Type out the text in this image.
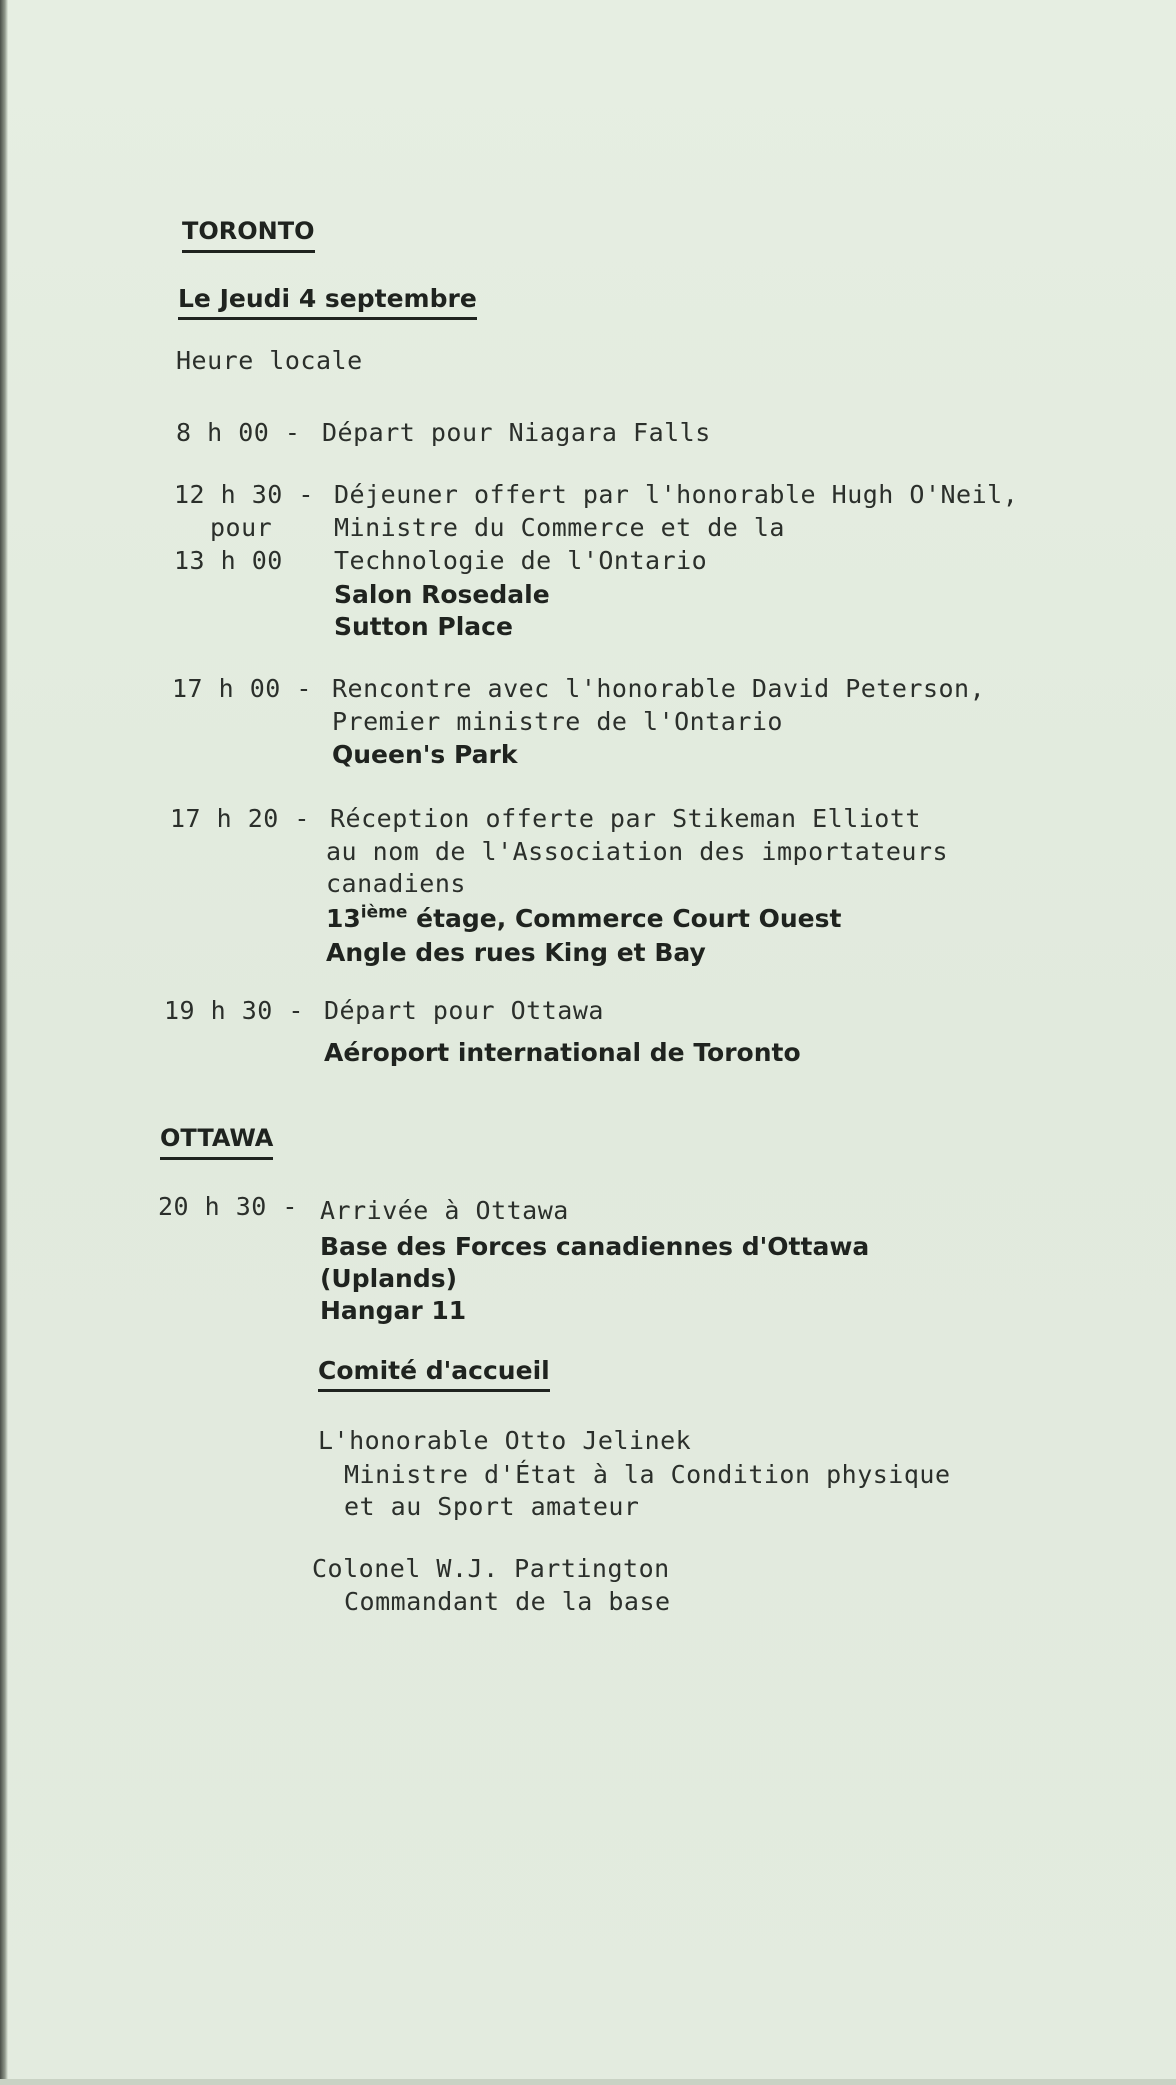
TORONTO
Le Jeudi 4 septembre
Heure locale
8 h 00 - Départ pour Niagara Falls
12 h 30 -
pour
13 h 00
Déjeuner offert par l'honorable Hugh O'Neil,
Ministre du Commerce et de la
Technologie de l'Ontario
Salon Rosedale
Sutton Place
17 h 00 - Rencontre avec l'honorable David Peterson,
Premier ministre de l'Ontario
Queen's Park
17 h 20 - Réception offerte par Stikeman Elliott
au nom de l'Association des importateurs
canadiens
13ième étage, Commerce Court Ouest
Angle des rues King et Bay
19 h 30 - Départ pour Ottawa
Aéroport international de Toronto
OTTAWA
20 h 30 - Arrivée à Ottawa
Base des Forces canadiennes d'Ottawa
(Uplands)
Hangar 11
Comité d'accueil
L'honorable Otto Jelinek
Ministre d'État à la Condition physique
et au Sport amateur
Colonel W.J. Partington
Commandant de la base
